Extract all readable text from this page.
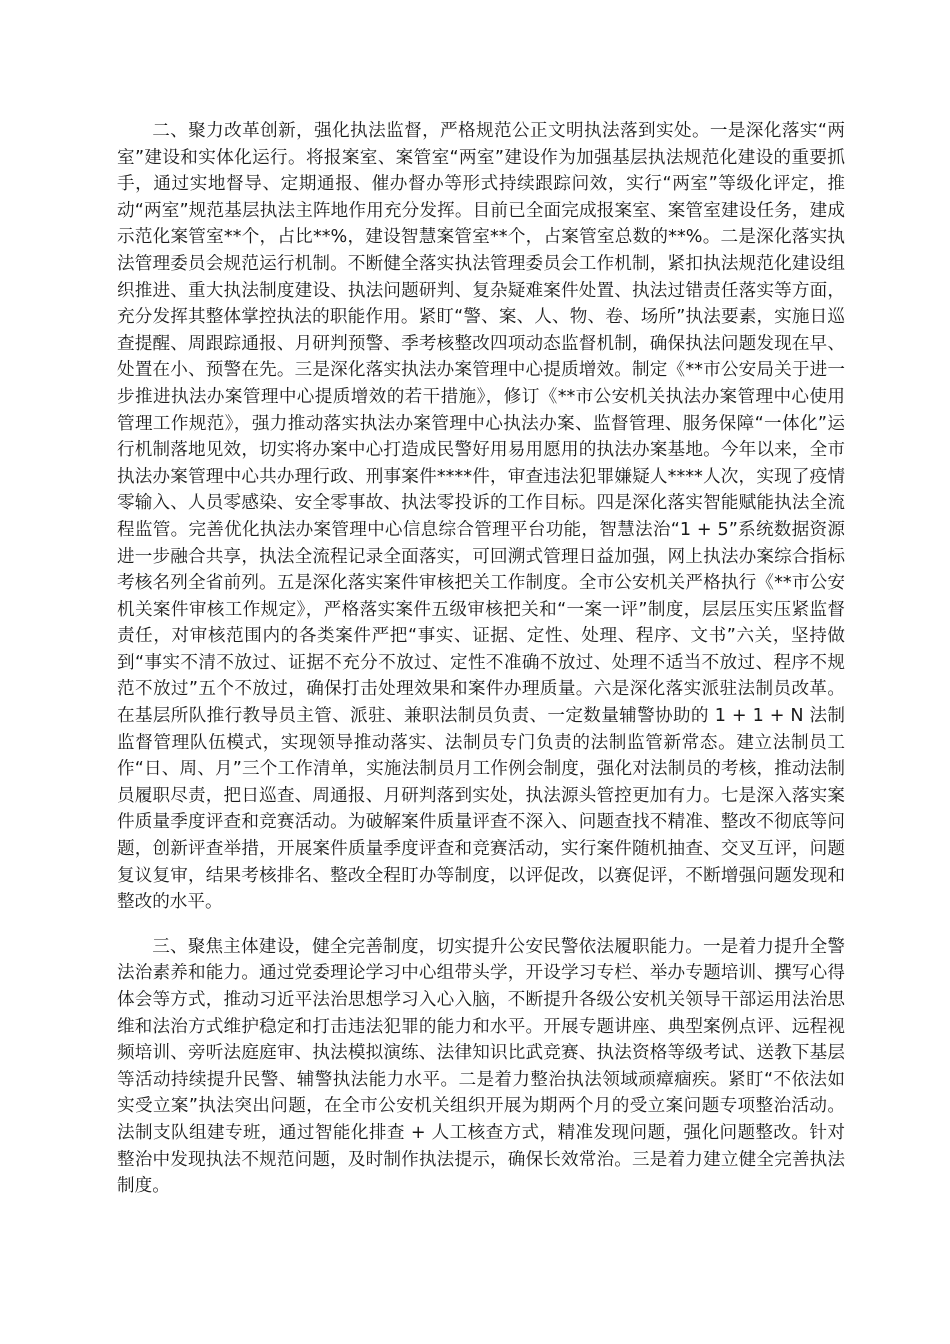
二、聚力改革创新，强化执法监督，严格规范公正文明执法落到实处。一是深化落实“两室”建设和实体化运行。将报案室、案管室“两室”建设作为加强基层执法规范化建设的重要抓手，通过实地督导、定期通报、催办督办等形式持续跟踪问效，实行“两室”等级化评定，推动“两室”规范基层执法主阵地作用充分发挥。目前已全面完成报案室、案管室建设任务，建成示范化案管室**个，占比**%，建设智慧案管室**个，占案管室总数的**%。二是深化落实执法管理委员会规范运行机制。不断健全落实执法管理委员会工作机制，紧扣执法规范化建设组织推进、重大执法制度建设、执法问题研判、复杂疑难案件处置、执法过错责任落实等方面，充分发挥其整体掌控执法的职能作用。紧盯“警、案、人、物、卷、场所”执法要素，实施日巡查提醒、周跟踪通报、月研判预警、季考核整改四项动态监督机制，确保执法问题发现在早、处置在小、预警在先。三是深化落实执法办案管理中心提质增效。制定《**市公安局关于进一步推进执法办案管理中心提质增效的若干措施》，修订《**市公安机关执法办案管理中心使用管理工作规范》，强力推动落实执法办案管理中心执法办案、监督管理、服务保障“一体化”运行机制落地见效，切实将办案中心打造成民警好用易用愿用的执法办案基地。今年以来，全市执法办案管理中心共办理行政、刑事案件****件，审查违法犯罪嫌疑人****人次，实现了疫情零输入、人员零感染、安全零事故、执法零投诉的工作目标。四是深化落实智能赋能执法全流程监管。完善优化执法办案管理中心信息综合管理平台功能，智慧法治“1 + 5”系统数据资源进一步融合共享，执法全流程记录全面落实，可回溯式管理日益加强，网上执法办案综合指标考核名列全省前列。五是深化落实案件审核把关工作制度。全市公安机关严格执行《**市公安机关案件审核工作规定》，严格落实案件五级审核把关和“一案一评”制度，层层压实压紧监督责任，对审核范围内的各类案件严把“事实、证据、定性、处理、程序、文书”六关，坚持做到“事实不清不放过、证据不充分不放过、定性不准确不放过、处理不适当不放过、程序不规范不放过”五个不放过，确保打击处理效果和案件办理质量。六是深化落实派驻法制员改革。在基层所队推行教导员主管、派驻、兼职法制员负责、一定数量辅警协助的 1 + 1 + N 法制监督管理队伍模式，实现领导推动落实、法制员专门负责的法制监管新常态。建立法制员工作“日、周、月”三个工作清单，实施法制员月工作例会制度，强化对法制员的考核，推动法制员履职尽责，把日巡查、周通报、月研判落到实处，执法源头管控更加有力。七是深入落实案件质量季度评查和竞赛活动。为破解案件质量评查不深入、问题查找不精准、整改不彻底等问题，创新评查举措，开展案件质量季度评查和竞赛活动，实行案件随机抽查、交叉互评，问题复议复审，结果考核排名、整改全程盯办等制度，以评促改，以赛促评，不断增强问题发现和整改的水平。

三、聚焦主体建设，健全完善制度，切实提升公安民警依法履职能力。一是着力提升全警法治素养和能力。通过党委理论学习中心组带头学，开设学习专栏、举办专题培训、撰写心得体会等方式，推动习近平法治思想学习入心入脑，不断提升各级公安机关领导干部运用法治思维和法治方式维护稳定和打击违法犯罪的能力和水平。开展专题讲座、典型案例点评、远程视频培训、旁听法庭庭审、执法模拟演练、法律知识比武竞赛、执法资格等级考试、送教下基层等活动持续提升民警、辅警执法能力水平。二是着力整治执法领域顽瘴痼疾。紧盯“不依法如实受立案”执法突出问题，在全市公安机关组织开展为期两个月的受立案问题专项整治活动。法制支队组建专班，通过智能化排查 + 人工核查方式，精准发现问题，强化问题整改。针对整治中发现执法不规范问题，及时制作执法提示，确保长效常治。三是着力建立健全完善执法制度。
